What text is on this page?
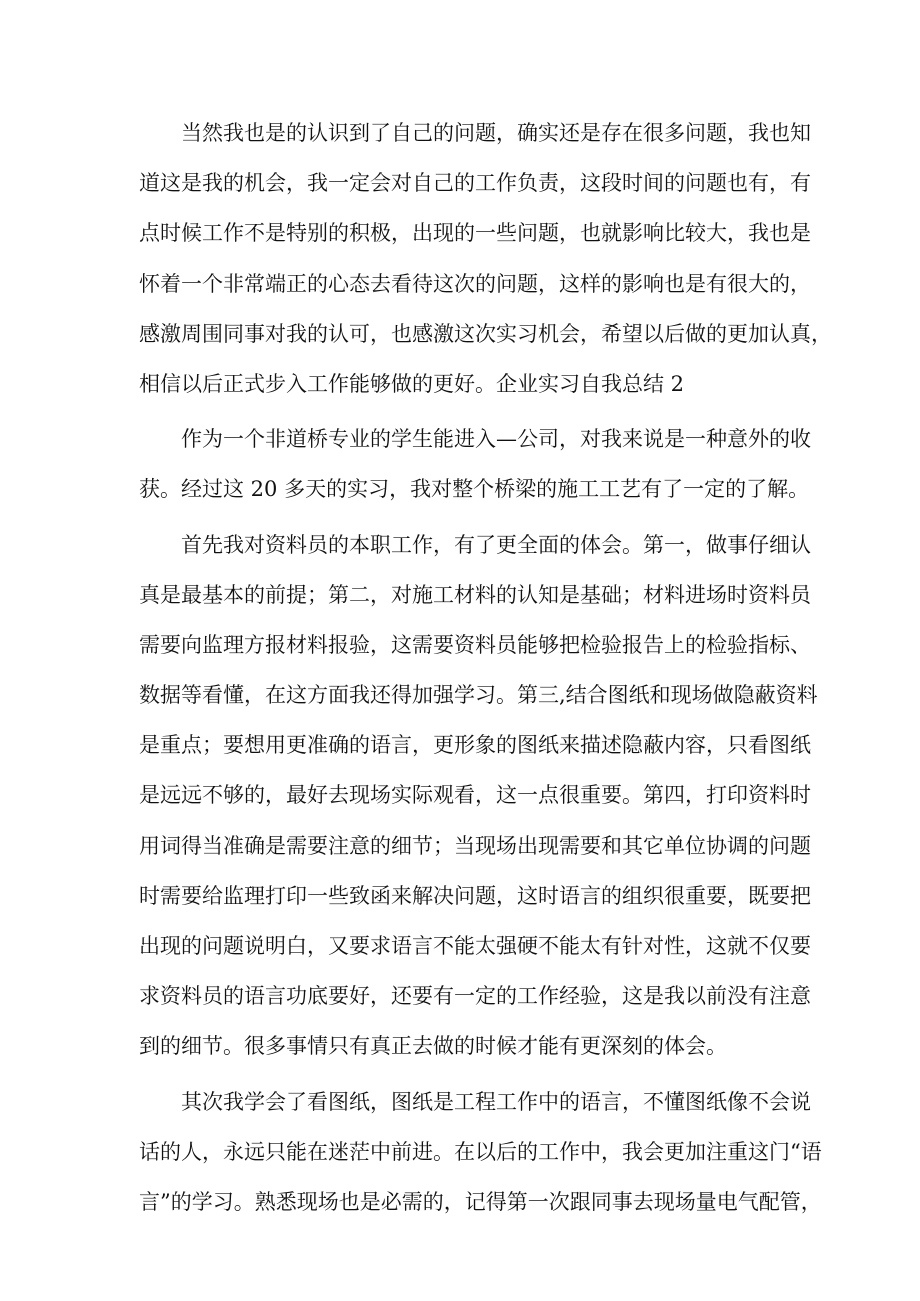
当然我也是的认识到了自己的问题，确实还是存在很多问题，我也知
道这是我的机会，我一定会对自己的工作负责，这段时间的问题也有，有
点时候工作不是特别的积极，出现的一些问题，也就影响比较大，我也是
怀着一个非常端正的心态去看待这次的问题，这样的影响也是有很大的，
感激周围同事对我的认可，也感激这次实习机会，希望以后做的更加认真，
相信以后正式步入工作能够做的更好。企业实习自我总结 2
作为一个非道桥专业的学生能进入—公司，对我来说是一种意外的收
获。经过这 20 多天的实习，我对整个桥梁的施工工艺有了一定的了解。
首先我对资料员的本职工作，有了更全面的体会。第一，做事仔细认
真是最基本的前提；第二，对施工材料的认知是基础；材料进场时资料员
需要向监理方报材料报验，这需要资料员能够把检验报告上的检验指标、
数据等看懂，在这方面我还得加强学习。第三,结合图纸和现场做隐蔽资料
是重点；要想用更准确的语言，更形象的图纸来描述隐蔽内容，只看图纸
是远远不够的，最好去现场实际观看，这一点很重要。第四，打印资料时
用词得当准确是需要注意的细节；当现场出现需要和其它单位协调的问题
时需要给监理打印一些致函来解决问题，这时语言的组织很重要，既要把
出现的问题说明白，又要求语言不能太强硬不能太有针对性，这就不仅要
求资料员的语言功底要好，还要有一定的工作经验，这是我以前没有注意
到的细节。很多事情只有真正去做的时候才能有更深刻的体会。
其次我学会了看图纸，图纸是工程工作中的语言，不懂图纸像不会说
话的人，永远只能在迷茫中前进。在以后的工作中，我会更加注重这门“语
言”的学习。熟悉现场也是必需的，记得第一次跟同事去现场量电气配管，
